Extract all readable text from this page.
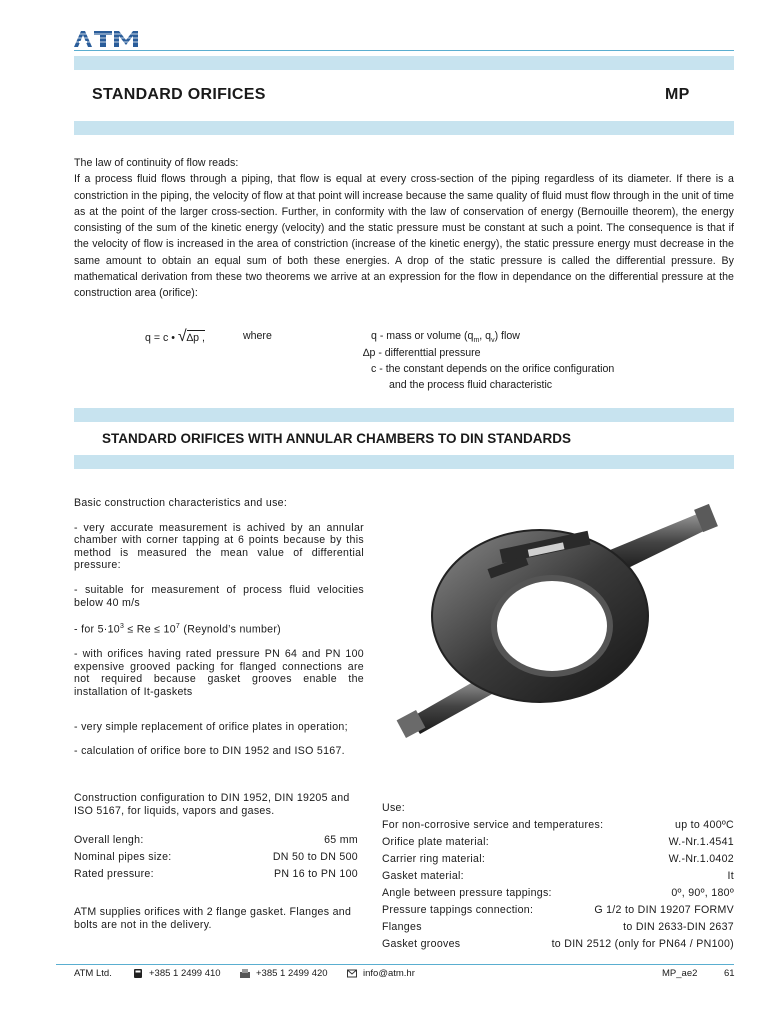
STANDARD ORIFICES	MP

The law of continuity of flow reads:

If a process fluid flows through a piping, that flow is equal at every cross-section of the piping regardless of its diameter. If there is a constriction in the piping, the velocity of flow at that point will increase because the same quality of fluid must flow through in the unit of time as at the point of the larger cross-section. Further, in conformity with the law of conservation of energy (Bernouille theorem), the energy consisting of the sum of the kinetic energy (velocity) and the static pressure must be constant at such a point. The consequence is that if the velocity of flow is increased in the area of constriction (increase of the kinetic energy), the static pressure energy must decrease in the same amount to obtain an equal sum of both these energies. A drop of the static pressure is called the differential pressure. By mathematical derivation from these two theorems we arrive at an expression for the flow in dependance on the differential pressure at the construction area (orifice):

q = c • √∆p ,	where	q - mass or volume ($q_m$, $q_v$) flow
∆p - differenttial pressure
c - the constant depends on the orifice configuration
and the process fluid characteristic
STANDARD ORIFICES WITH ANNULAR CHAMBERS TO DIN STANDARDS

Basic construction characteristics and use:

- very accurate measurement is achived by an annular chamber with corner tapping at 6 points because by this method is measured the mean value of differential pressure:

- suitable for measurement of process fluid velocities below 40 m/s

- for $5\cdot 10^3 \le Re \le 10^7$ (Reynold’s number)

- with orifices having rated pressure PN 64 and PN 100 expensive grooved packing for flanged connections are not required because gasket grooves enable the installation of It-gaskets

- very simple replacement of orifice plates in operation;

- calculation of orifice bore to DIN 1952 and ISO 5167.

Construction configuration to DIN 1952, DIN 19205 and ISO 5167, for liquids, vapors and gases.
Overall lengh:	65 mm
Nominal pipes size:	DN 50 to DN 500
Rated pressure:	PN 16 to PN 100
ATM supplies orifices with 2 flange gasket. Flanges and bolts are not in the delivery.
Use:
For non-corrosive service and temperatures:	up to 400ºC
Orifice plate material:	W.-Nr.1.4541
Carrier ring material:	W.-Nr.1.0402
Gasket material:	It
Angle between pressure tappings:	0º, 90º, 180º
Pressure tappings connection:	G 1/2 to DIN 19207 FORMV
Flanges	to DIN 2633-DIN 2637
Gasket grooves	to DIN 2512 (only for PN64 / PN100)
ATM Ltd.	+385 1 2499 410	+385 1 2499 420	info@atm.hr	MP_ae2	61
